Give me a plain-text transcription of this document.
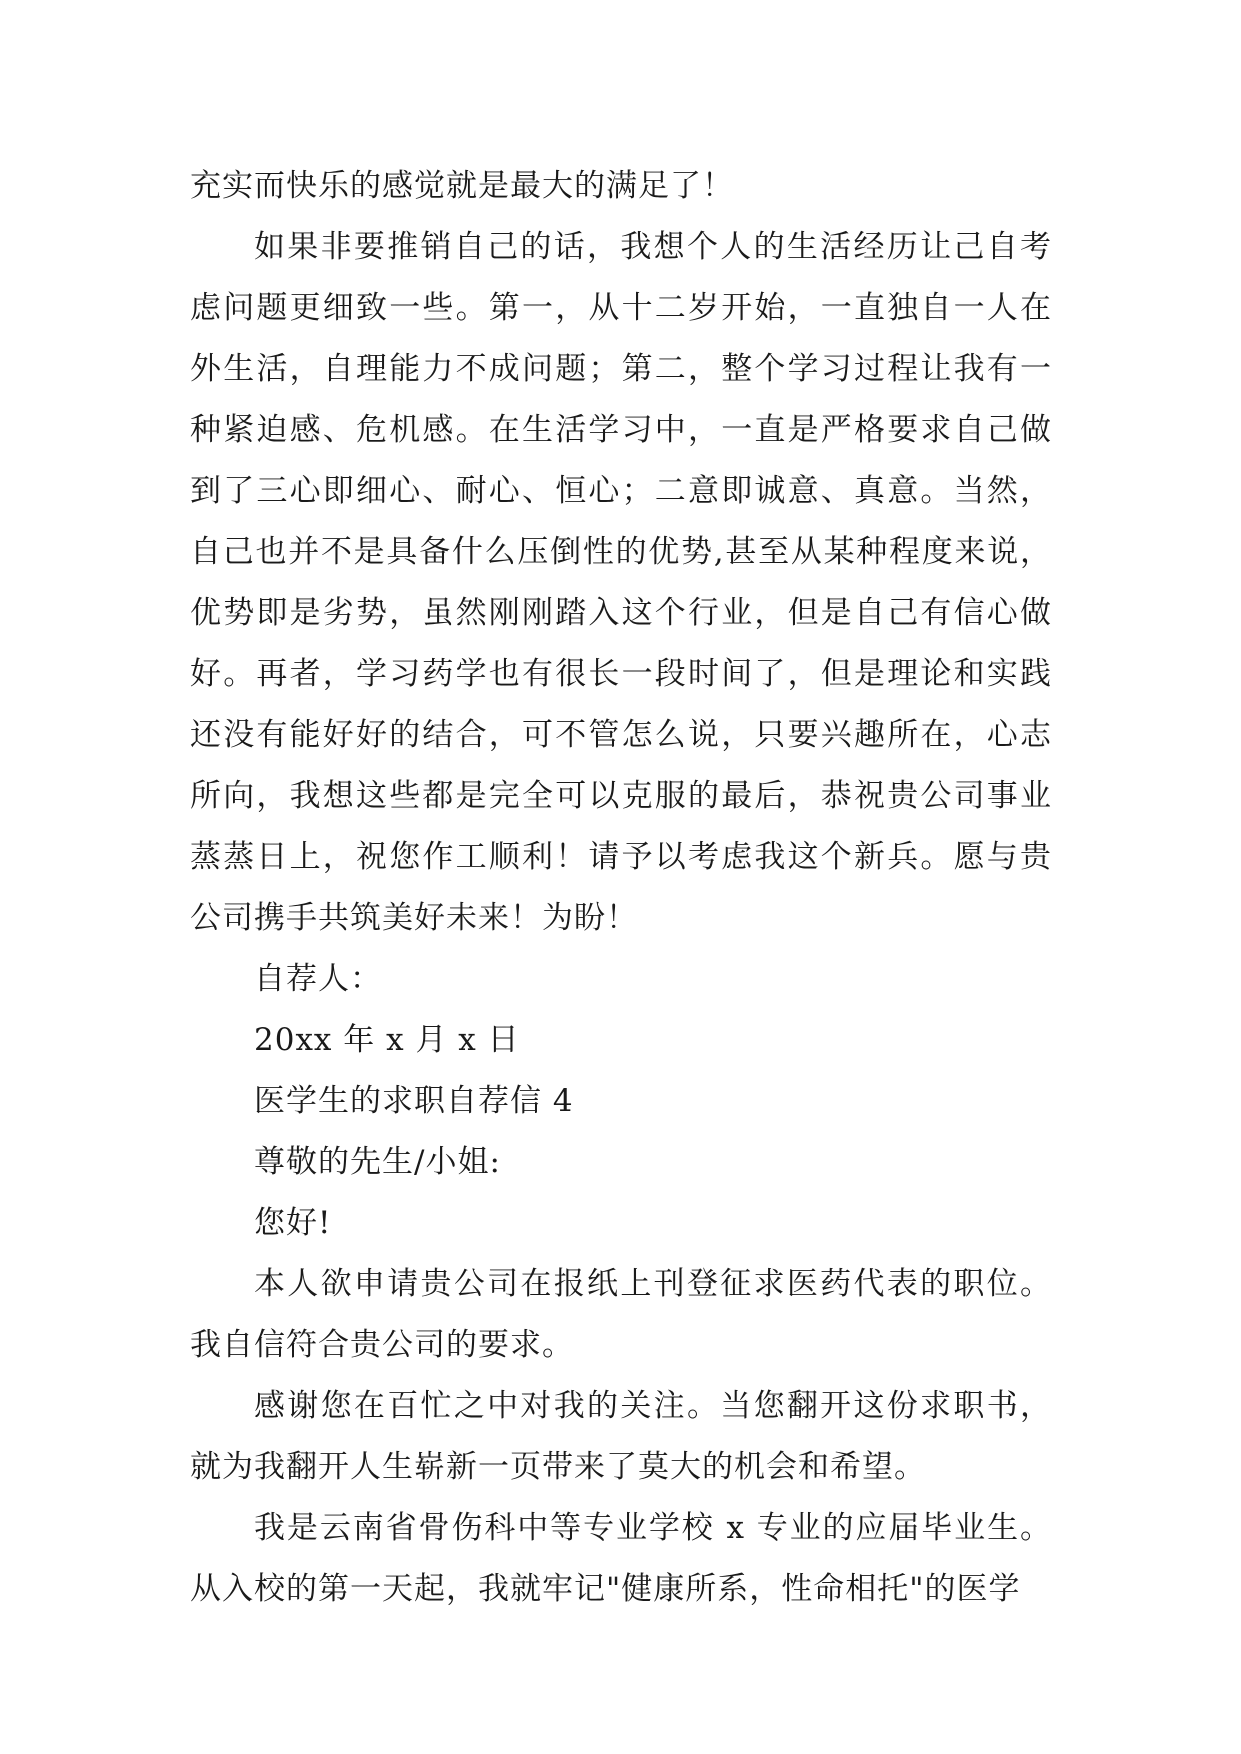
充实而快乐的感觉就是最大的满足了！

如果非要推销自己的话，我想个人的生活经历让己自考虑问题更细致一些。第一，从十二岁开始，一直独自一人在外生活，自理能力不成问题；第二，整个学习过程让我有一种紧迫感、危机感。在生活学习中，一直是严格要求自己做到了三心即细心、耐心、恒心；二意即诚意、真意。当然，自己也并不是具备什么压倒性的优势,甚至从某种程度来说，优势即是劣势，虽然刚刚踏入这个行业，但是自己有信心做好。再者，学习药学也有很长一段时间了，但是理论和实践还没有能好好的结合，可不管怎么说，只要兴趣所在，心志所向，我想这些都是完全可以克服的最后，恭祝贵公司事业蒸蒸日上，祝您作工顺利！请予以考虑我这个新兵。愿与贵公司携手共筑美好未来！为盼！

自荐人：

20xx 年 x 月 x 日

医学生的求职自荐信 4

尊敬的先生/小姐:

您好!

本人欲申请贵公司在报纸上刊登征求医药代表的职位。我自信符合贵公司的要求。

感谢您在百忙之中对我的关注。当您翻开这份求职书，就为我翻开人生崭新一页带来了莫大的机会和希望。

我是云南省骨伤科中等专业学校 x 专业的应届毕业生。从入校的第一天起，我就牢记"健康所系，性命相托"的医学
